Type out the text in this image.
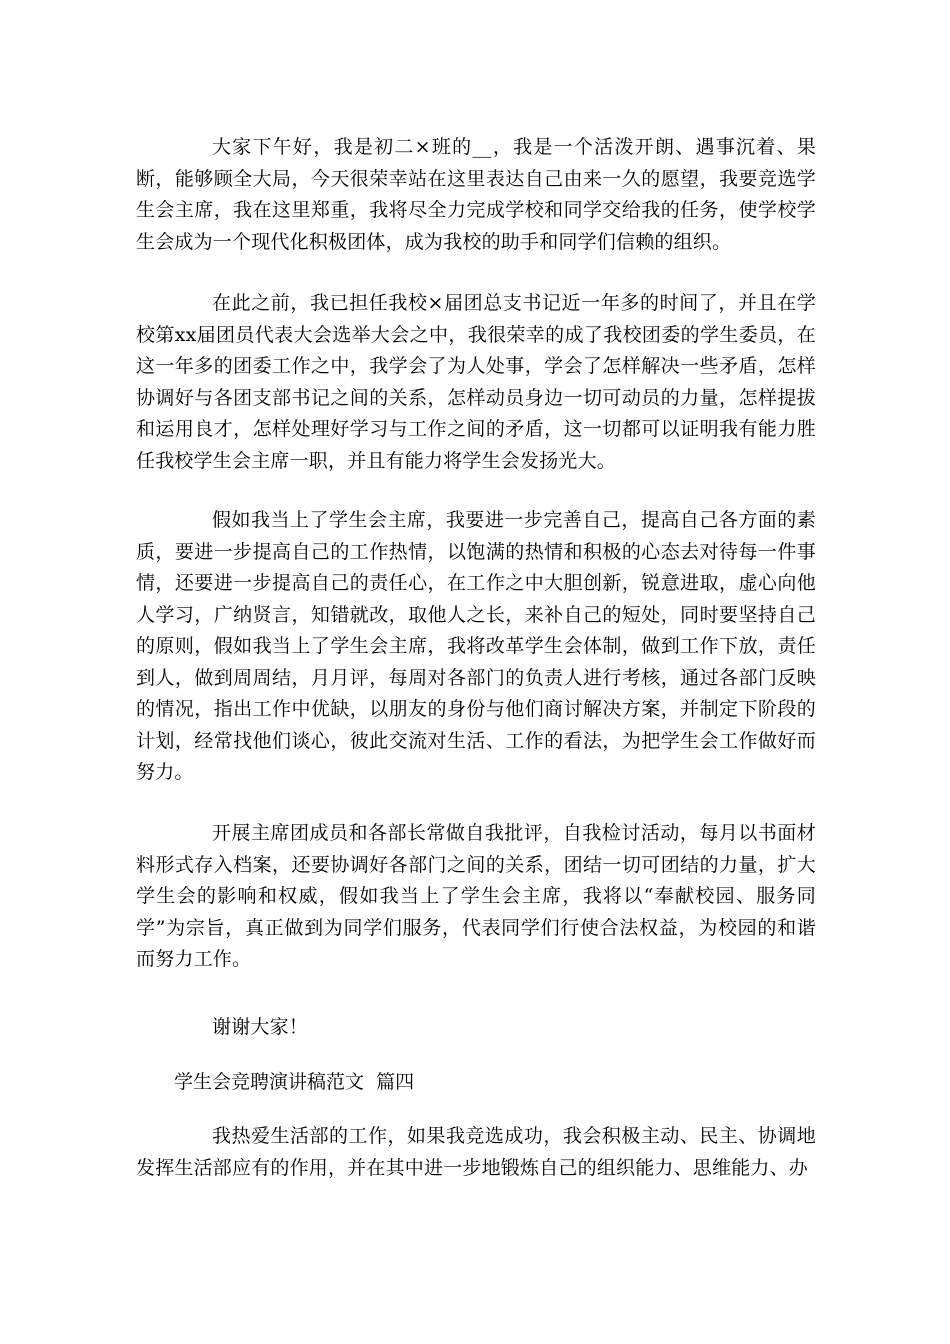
大家下午好，我是初二×班的__，我是一个活泼开朗、遇事沉着、果断，能够顾全大局，今天很荣幸站在这里表达自己由来一久的愿望，我要竞选学生会主席，我在这里郑重，我将尽全力完成学校和同学交给我的任务，使学校学生会成为一个现代化积极团体，成为我校的助手和同学们信赖的组织。

在此之前，我已担任我校×届团总支书记近一年多的时间了，并且在学校第xx届团员代表大会选举大会之中，我很荣幸的成了我校团委的学生委员，在这一年多的团委工作之中，我学会了为人处事，学会了怎样解决一些矛盾，怎样协调好与各团支部书记之间的关系，怎样动员身边一切可动员的力量，怎样提拔和运用良才，怎样处理好学习与工作之间的矛盾，这一切都可以证明我有能力胜任我校学生会主席一职，并且有能力将学生会发扬光大。

假如我当上了学生会主席，我要进一步完善自己，提高自己各方面的素质，要进一步提高自己的工作热情，以饱满的热情和积极的心态去对待每一件事情，还要进一步提高自己的责任心，在工作之中大胆创新，锐意进取，虚心向他人学习，广纳贤言，知错就改，取他人之长，来补自己的短处，同时要坚持自己的原则，假如我当上了学生会主席，我将改革学生会体制，做到工作下放，责任到人，做到周周结，月月评，每周对各部门的负责人进行考核，通过各部门反映的情况，指出工作中优缺，以朋友的身份与他们商讨解决方案，并制定下阶段的计划，经常找他们谈心，彼此交流对生活、工作的看法，为把学生会工作做好而努力。

开展主席团成员和各部长常做自我批评，自我检讨活动，每月以书面材料形式存入档案，还要协调好各部门之间的关系，团结一切可团结的力量，扩大学生会的影响和权威，假如我当上了学生会主席，我将以“奉献校园、服务同学”为宗旨，真正做到为同学们服务，代表同学们行使合法权益，为校园的和谐而努力工作。

谢谢大家！

学生会竞聘演讲稿范文  篇四

我热爱生活部的工作，如果我竞选成功，我会积极主动、民主、协调地发挥生活部应有的作用，并在其中进一步地锻炼自己的组织能力、思维能力、办
